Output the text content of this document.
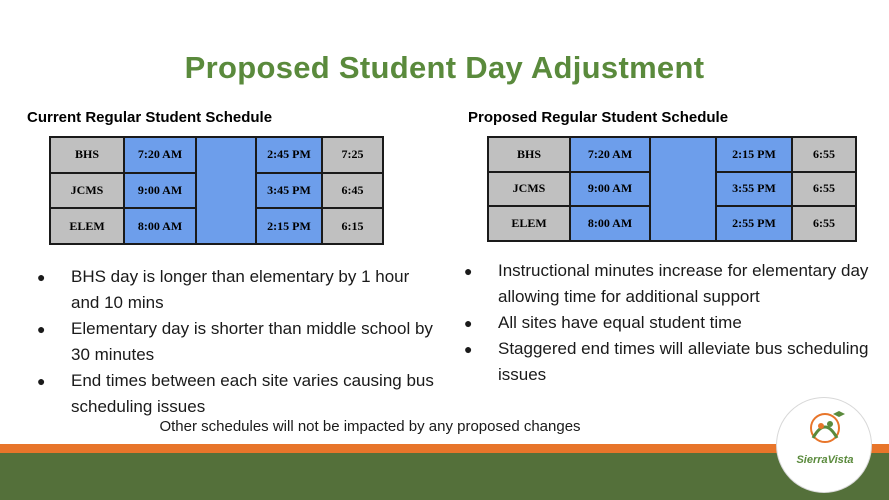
Proposed Student Day Adjustment
Current Regular Student Schedule
BHS	7:20 AM		2:45 PM	7:25
JCMS	9:00 AM		3:45 PM	6:45
ELEM	8:00 AM		2:15 PM	6:15
● BHS day is longer than elementary by 1 hour and 10 mins
● Elementary day is shorter than middle school by 30 minutes
● End times between each site varies causing bus scheduling issues
Proposed Regular Student Schedule
BHS	7:20 AM		2:15 PM	6:55
JCMS	9:00 AM		3:55 PM	6:55
ELEM	8:00 AM		2:55 PM	6:55
● Instructional minutes increase for elementary day allowing time for additional support
● All sites have equal student time
● Staggered end times will alleviate bus scheduling issues
Other schedules will not be impacted by any proposed changes
SierraVista
